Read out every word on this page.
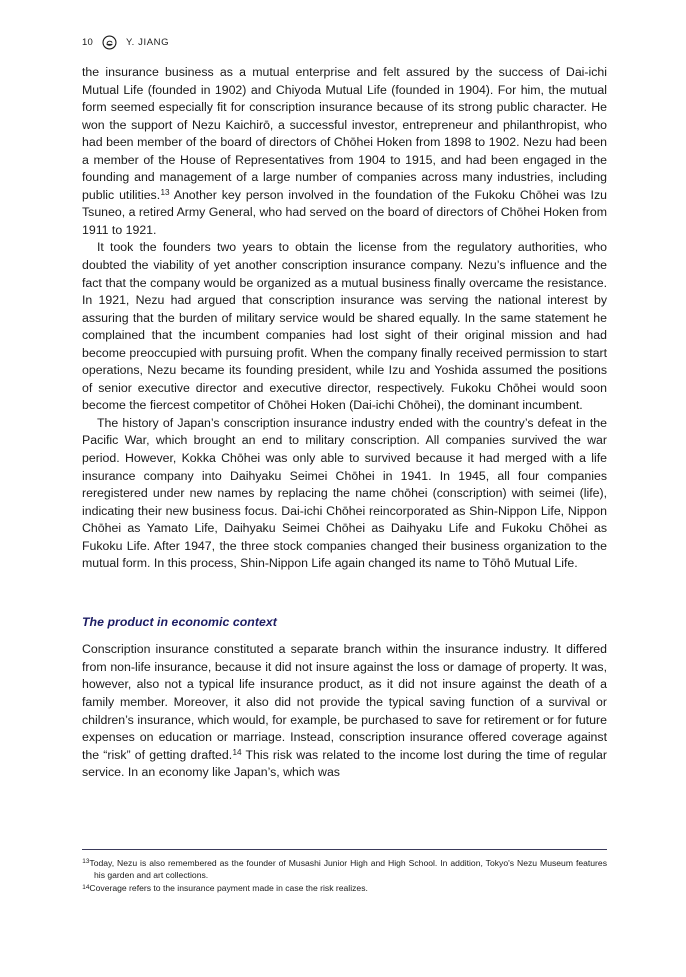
10	Y. JIANG

the insurance business as a mutual enterprise and felt assured by the success of Dai-ichi Mutual Life (founded in 1902) and Chiyoda Mutual Life (founded in 1904). For him, the mutual form seemed especially fit for conscription insurance because of its strong public character. He won the support of Nezu Kaichirō, a successful investor, entrepreneur and philanthropist, who had been member of the board of directors of Chōhei Hoken from 1898 to 1902. Nezu had been a member of the House of Representatives from 1904 to 1915, and had been engaged in the founding and management of a large number of companies across many industries, including public utilities.$^{13}$ Another key person involved in the foundation of the Fukoku Chōhei was Izu Tsuneo, a retired Army General, who had served on the board of directors of Chōhei Hoken from 1911 to 1921.

It took the founders two years to obtain the license from the regulatory authorities, who doubted the viability of yet another conscription insurance company. Nezu’s influence and the fact that the company would be organized as a mutual business finally overcame the resistance. In 1921, Nezu had argued that conscription insurance was serving the national interest by assuring that the burden of military service would be shared equally. In the same statement he complained that the incumbent companies had lost sight of their original mission and had become preoccupied with pursuing profit. When the company finally received permission to start operations, Nezu became its founding president, while Izu and Yoshida assumed the positions of senior executive director and executive director, respectively. Fukoku Chōhei would soon become the fiercest competitor of Chōhei Hoken (Dai-ichi Chōhei), the dominant incumbent.

The history of Japan’s conscription insurance industry ended with the country’s defeat in the Pacific War, which brought an end to military conscription. All companies survived the war period. However, Kokka Chōhei was only able to survived because it had merged with a life insurance company into Daihyaku Seimei Chōhei in 1941. In 1945, all four companies reregistered under new names by replacing the name chōhei (conscription) with seimei (life), indicating their new business focus. Dai-ichi Chōhei reincorporated as Shin-Nippon Life, Nippon Chōhei as Yamato Life, Daihyaku Seimei Chōhei as Daihyaku Life and Fukoku Chōhei as Fukoku Life. After 1947, the three stock companies changed their business organization to the mutual form. In this process, Shin-Nippon Life again changed its name to Tōhō Mutual Life.

The product in economic context

Conscription insurance constituted a separate branch within the insurance industry. It differed from non-life insurance, because it did not insure against the loss or damage of property. It was, however, also not a typical life insurance product, as it did not insure against the death of a family member. Moreover, it also did not provide the typical saving function of a survival or children’s insurance, which would, for example, be purchased to save for retirement or for future expenses on education or marriage. Instead, conscription insurance offered coverage against the “risk” of getting drafted.$^{14}$ This risk was related to the income lost during the time of regular service. In an economy like Japan’s, which was

$^{13}$Today, Nezu is also remembered as the founder of Musashi Junior High and High School. In addition, Tokyo's Nezu Museum features his garden and art collections.

$^{14}$Coverage refers to the insurance payment made in case the risk realizes.
